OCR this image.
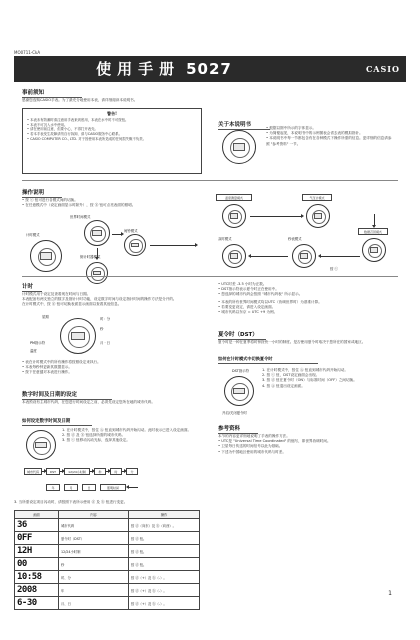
MO0711-CkA
使用手册 5027	CASIO
事前须知
感谢您选购CASIO手表。为了最充分地使用本表，请详细阅读本说明书。
警告!
• 本表未有防潮时请注意用手表来到底用，本表在水中时不可按钮。
• 本表不可沉入水中使用。
• 请在使用前注意，但要小心，不得打开表壳。
• 若本手表发生故障请勿自行拆卸，请与CASIO服务中心联系。
• CASIO COMPUTER CO., LTD. 对于因使用本表所造成的任何损失概不负责。
关于本说明书	• 根据以图中所示的字体显示。
• 为简便起见，本说明书中的示例图表会省去表的模拟指针。
• 本说明书中每一节都包含有在各种模式下操作所需的信息。更详细的信息请参照 "参考资料" 一节。
操作说明
• 按 ⓒ 钮可进行各模式间的切换。
• 在任意模式中（设定画面显示时除外），按 ⓑ 钮可点亮表面的照明。
世界时间模式
计时模式
闹铃模式
倒计时器模式
温度测量模式	气压计模式
数据召回模式
双时模式	秒表模式
按 ⓒ
计时
计时模式用于设定及查看现在时间与日期。
本表配备有两支独立的数字及指针计时功能，设定数字时间与设定指针时间的操作方法是分开的。
在计时模式中，按 ⓓ 钮可切换表面显示画面以查看其他信息。
星期	时：分
秒
月 · 日
PM指示符
温度
• 表在计时模式中的所有操作将按照设定来执行。
• 本表每秒钟更新其数据显示。
• 按下任意键对本表进行操作。
数字时间及日期的设定
本表预设有主城市代码，在您进行时间设定之前，必须先设定您所在地的城市代码。
如何设定数字时间及日期
1. 在计时模式中，按住 Ⓐ 钮直到城市代码开始闪动。此时表示已进入设定画面。
2. 按 ⓓ 及 ⓑ 钮选择所需的城市代码。
3. 按 ⓒ 钮移动闪动光标，选择其他设定。
城市代码	DST	12/24小时制	秒	时	分
年	月	日	照明时间
3. 当所需设定项目闪动时，请按照下表所示使用 ⓓ 及 ⓑ 钮进行变更。
画面	内容	操作
36	城市代码	按 ⓓ（向东）及 ⓑ（向西）。
0FF	夏令时（DST）	按 ⓓ 钮。
12H	12/24小时制	按 ⓓ 钮。
00	秒	按 ⓓ 钮。
10:58	时、分	按 ⓓ（+）及 ⓑ（-）。
2008	年	按 ⓓ（+）及 ⓑ（-）。
6-30	月、日	按 ⓓ（+）及 ⓑ（-）。
• UTC时差 -3.5 小时为正数。
• DST指示符表示夏令时正在使用中。
• 您选择的城市代码会按照 "城市代码表" 所示显示。
• 本表的所有世界时间模式均以UTC（协调世界时）为基准计算。
• 若要变更设定，请进入设定画面。
• 城市代码以东京 = UTC +9 为例。
夏令时（DST）
夏令时是一种在夏季将时钟拨快一小时的制度。是否使用夏令时取决于您所在的国家或地区。
如何在计时模式中切换夏令时
DST指示符
开启/关闭夏令时
1. 在计时模式中，按住 Ⓐ 钮直到城市代码开始闪动。
2. 按 ⓒ 钮，DST设定画面会出现。
3. 按 ⓓ 钮在夏令时（ON）与标准时间（OFF）之间切换。
4. 按 Ⓐ 钮退出设定画面。
参考资料
本节的内容更详细地说明了手表的操作方法。
• UTC是 "Universal Time Coordinated" 的缩写，即世界协调时间。
• 卫星每日传送的时间信号以此为基础。
• 下述为中国地区使用的城市代码与时差。
1
